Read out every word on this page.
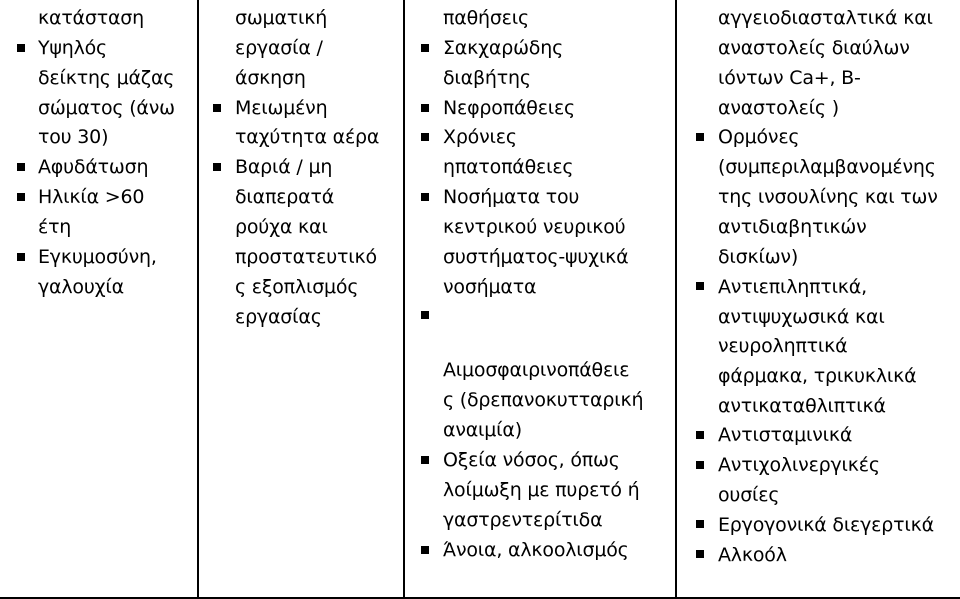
κατάσταση
Υψηλός
δείκτης μάζας
σώματος (άνω
του 30)
Αφυδάτωση
Ηλικία >60
έτη
Εγκυμοσύνη,
γαλουχία
σωματική
εργασία /
άσκηση
Μειωμένη
ταχύτητα αέρα
Βαριά / μη
διαπερατά
ρούχα και
προστατευτικό
ς εξοπλισμός
εργασίας
παθήσεις
Σακχαρώδης
διαβήτης
Νεφροπάθειες
Χρόνιες
ηπατοπάθειες
Νοσήματα του
κεντρικού νευρικού
συστήματος-ψυχικά
νοσήματα
Αιμοσφαιρινοπάθειε
ς (δρεπανοκυτταρική
αναιμία)
Οξεία νόσος, όπως
λοίμωξη με πυρετό ή
γαστρεντερίτιδα
Άνοια, αλκοολισμός
αγγειοδιασταλτικά και
αναστολείς διαύλων
ιόντων Ca+, B-
αναστολείς )
Ορμόνες
(συμπεριλαμβανομένης
της ινσουλίνης και των
αντιδιαβητικών
δισκίων)
Αντιεπιληπτικά,
αντιψυχωσικά και
νευροληπτικά
φάρμακα, τρικυκλικά
αντικαταθλιπτικά
Αντισταμινικά
Αντιχολινεργικές
ουσίες
Εργογονικά διεγερτικά
Αλκοόλ
